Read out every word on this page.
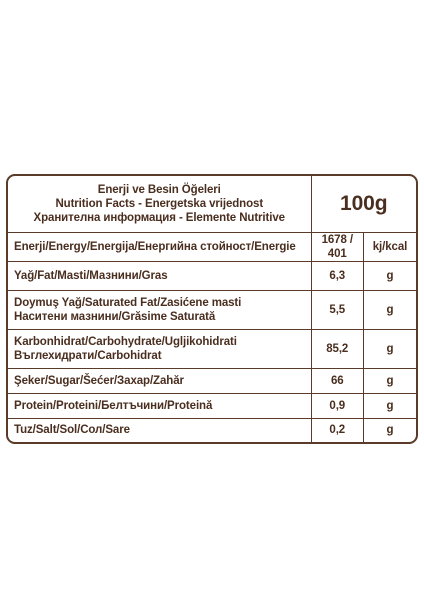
Enerji ve Besin Öğeleri
Nutrition Facts - Energetska vrijednost
Хранителна информация - Elemente Nutritive	100g	

Enerji/Energy/Energija/Енергийна стойност/Energie	1678 / 401	kj/kcal

Yağ/Fat/Masti/Мазнини/Gras	6,3	g

Doymuş Yağ/Saturated Fat/Zasićene masti
Наситени мазнини/Grăsime Saturată	5,5	g

Karbonhidrat/Carbohydrate/Ugljikohidrati
Въглехидрати/Carbohidrat	85,2	g

Şeker/Sugar/Šećer/Захар/Zahăr	66	g

Protein/Proteini/Белтъчини/Proteină	0,9	g

Tuz/Salt/Sol/Сол/Sare	0,2	g
